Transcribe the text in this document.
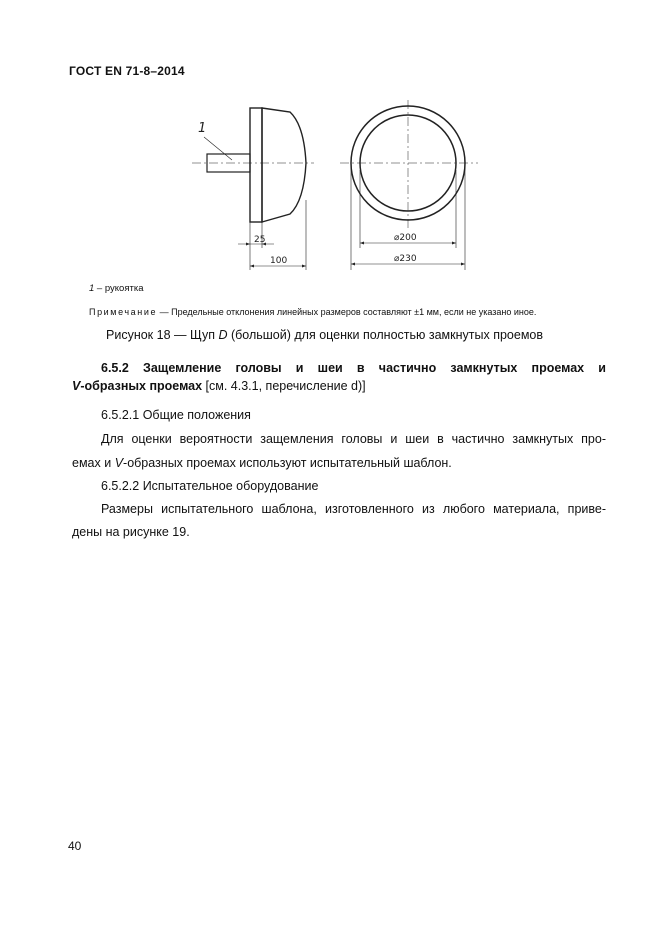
ГОСТ EN 71-8–2014
1
25
100
⌀200
⌀230
1 – рукоятка
Примечание — Предельные отклонения линейных размеров составляют ±1 мм, если не указано иное.
Рисунок 18 — Щуп D (большой) для оценки полностью замкнутых проемов
6.5.2 Защемление головы и шеи в частично замкнутых проемах и
V-образных проемах [см. 4.3.1, перечисление d)]
6.5.2.1 Общие положения
Для оценки вероятности защемления головы и шеи в частично замкнутых про-
емах и V-образных проемах используют испытательный шаблон.
6.5.2.2 Испытательное оборудование
Размеры испытательного шаблона, изготовленного из любого материала, приве-
дены на рисунке 19.
40
